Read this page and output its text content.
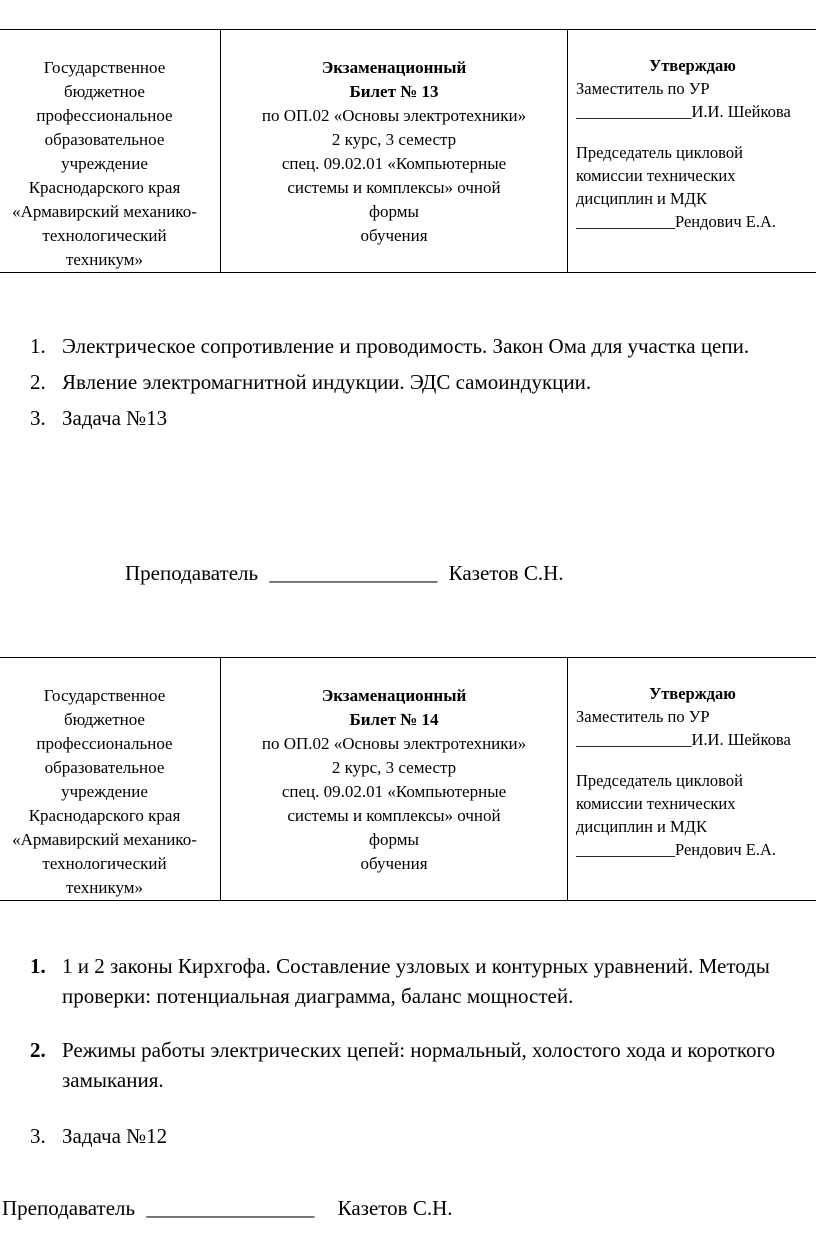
Государственное
бюджетное
профессиональное
образовательное
учреждение
Краснодарского края
«Армавирский механико-
технологический
техникум»

Экзаменационный
Билет № 13
по ОП.02 «Основы электротехники»
2 курс, 3 семестр
спец. 09.02.01 «Компьютерные
системы и комплексы» очной
формы
обучения

Утверждаю
Заместитель по УР
______________И.И. Шейкова
Председатель цикловой
комиссии технических
дисциплин и МДК
____________Рендович Е.А.
1. Электрическое сопротивление и проводимость. Закон Ома для участка цепи.
2. Явление электромагнитной индукции. ЭДС самоиндукции.
3. Задача №13
Преподаватель ________________ Казетов С.Н.
Государственное
бюджетное
профессиональное
образовательное
учреждение
Краснодарского края
«Армавирский механико-
технологический
техникум»

Экзаменационный
Билет № 14
по ОП.02 «Основы электротехники»
2 курс, 3 семестр
спец. 09.02.01 «Компьютерные
системы и комплексы» очной
формы
обучения

Утверждаю
Заместитель по УР
______________И.И. Шейкова
Председатель цикловой
комиссии технических
дисциплин и МДК
____________Рендович Е.А.
1. 1 и 2 законы Кирхгофа. Составление узловых и контурных уравнений. Методы проверки: потенциальная диаграмма, баланс мощностей.
2. Режимы работы электрических цепей: нормальный, холостого хода и короткого замыкания.
3. Задача №12
Преподаватель ________________ Казетов С.Н.
